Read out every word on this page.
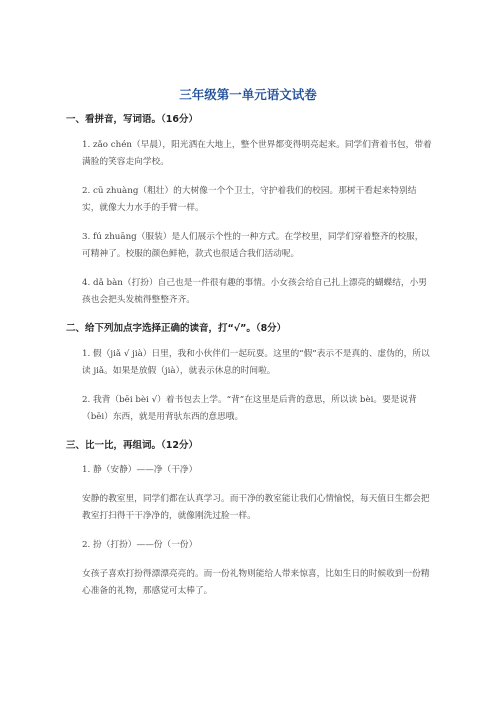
三年级第一单元语文试卷
一、看拼音，写词语。（16分）
1. zǎo chén（早晨），阳光洒在大地上，整个世界都变得明亮起来。同学们背着书包，带着满脸的笑容走向学校。
2. cū zhuàng（粗壮）的大树像一个个卫士，守护着我们的校园。那树干看起来特别结实，就像大力水手的手臂一样。
3. fú zhuāng（服装）是人们展示个性的一种方式。在学校里，同学们穿着整齐的校服，可精神了。校服的颜色鲜艳，款式也很适合我们活动呢。
4. dǎ bàn（打扮）自己也是一件很有趣的事情。小女孩会给自己扎上漂亮的蝴蝶结，小男孩也会把头发梳得整整齐齐。
二、给下列加点字选择正确的读音，打“√”。（8分）
1. 假（jiǎ √ jià）日里，我和小伙伴们一起玩耍。这里的“假”表示不是真的、虚伪的，所以读 jiǎ。如果是放假（jià），就表示休息的时间啦。
2. 我背（bēi bèi √）着书包去上学。“背”在这里是后背的意思，所以读 bèi。要是说背（bēi）东西，就是用背驮东西的意思哦。
三、比一比，再组词。（12分）
1. 静（安静）——净（干净）
安静的教室里，同学们都在认真学习。而干净的教室能让我们心情愉悦，每天值日生都会把教室打扫得干干净净的，就像刚洗过脸一样。
2. 扮（打扮）——份（一份）
女孩子喜欢打扮得漂漂亮亮的。而一份礼物则能给人带来惊喜，比如生日的时候收到一份精心准备的礼物，那感觉可太棒了。
